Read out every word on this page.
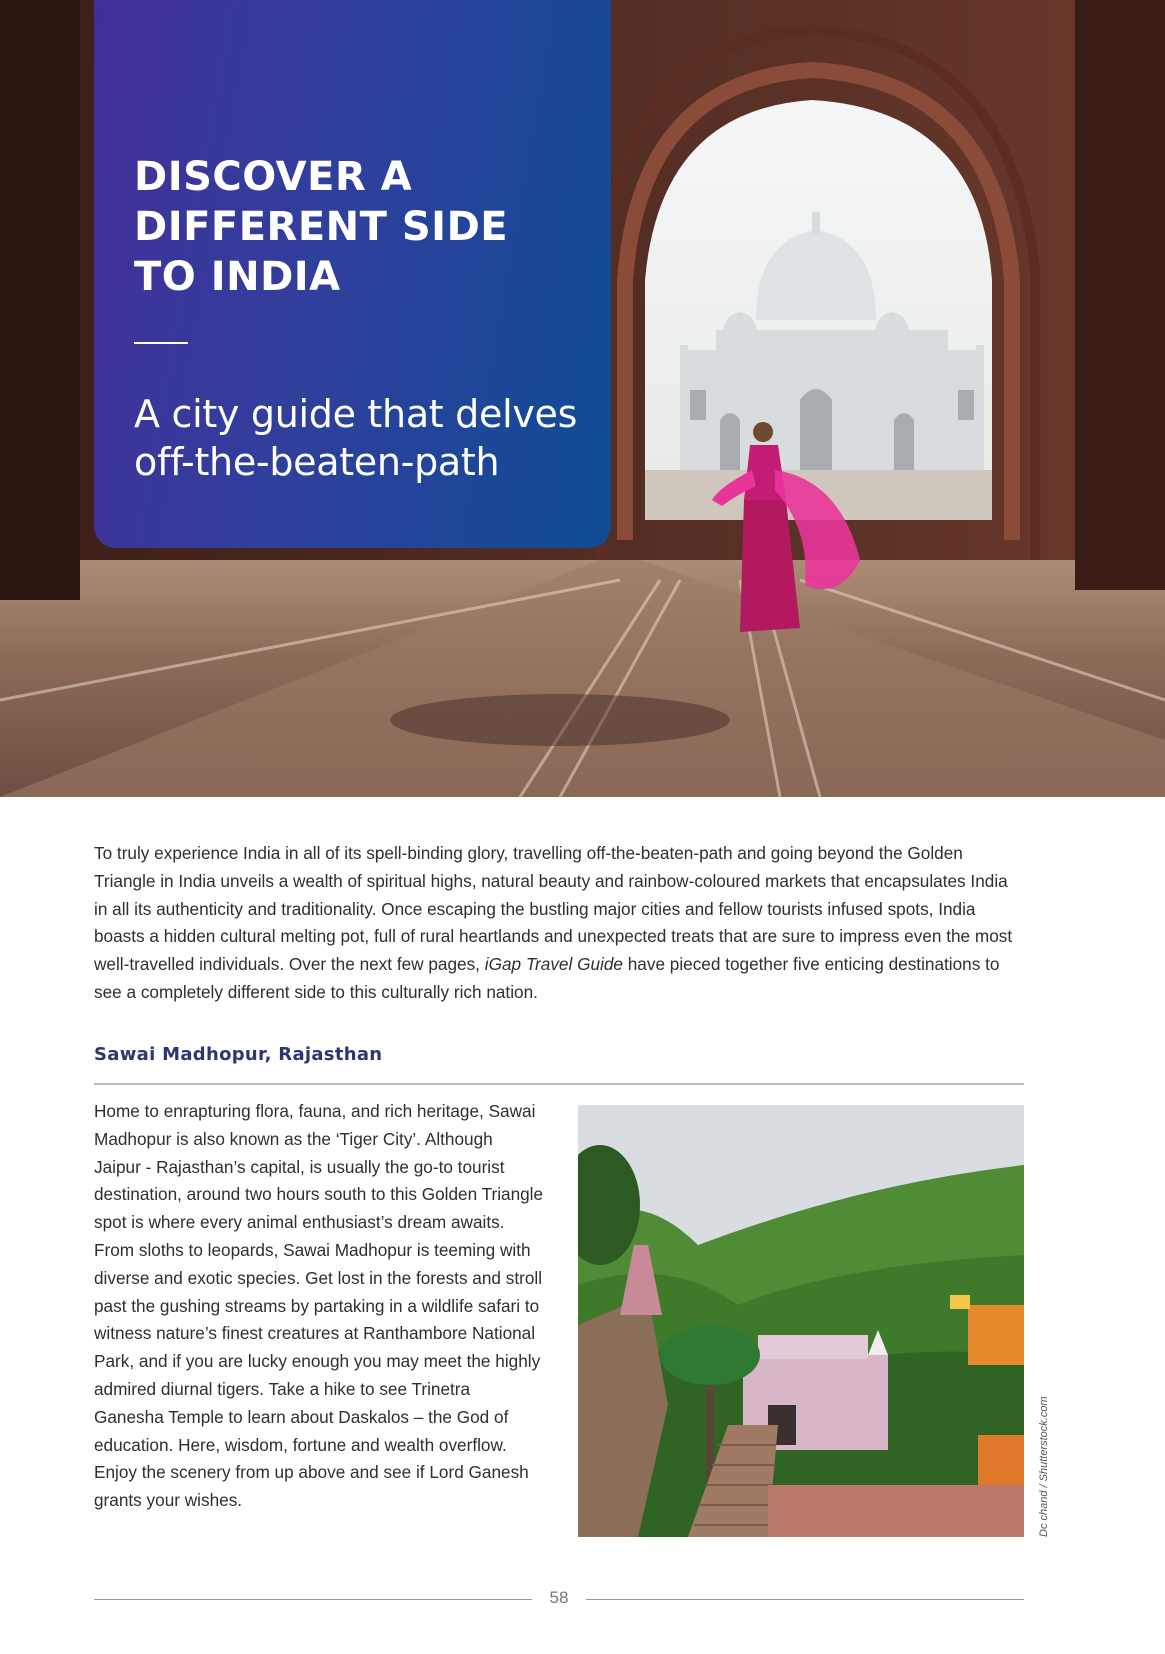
DISCOVER A DIFFERENT SIDE TO INDIA

A city guide that delves off-the-beaten-path

To truly experience India in all of its spell-binding glory, travelling off-the-beaten-path and going beyond the Golden Triangle in India unveils a wealth of spiritual highs, natural beauty and rainbow-coloured markets that encapsulates India in all its authenticity and traditionality. Once escaping the bustling major cities and fellow tourists infused spots, India boasts a hidden cultural melting pot, full of rural heartlands and unexpected treats that are sure to impress even the most well-travelled individuals. Over the next few pages, iGap Travel Guide have pieced together five enticing destinations to see a completely different side to this culturally rich nation.

Sawai Madhopur, Rajasthan

Home to enrapturing flora, fauna, and rich heritage, Sawai Madhopur is also known as the ‘Tiger City’. Although Jaipur - Rajasthan’s capital, is usually the go-to tourist destination, around two hours south to this Golden Triangle spot is where every animal enthusiast’s dream awaits. From sloths to leopards, Sawai Madhopur is teeming with diverse and exotic species. Get lost in the forests and stroll past the gushing streams by partaking in a wildlife safari to witness nature’s finest creatures at Ranthambore National Park, and if you are lucky enough you may meet the highly admired diurnal tigers. Take a hike to see Trinetra Ganesha Temple to learn about Daskalos – the God of education. Here, wisdom, fortune and wealth overflow. Enjoy the scenery from up above and see if Lord Ganesh grants your wishes.	Dc chand / Shutterstock.com
58
